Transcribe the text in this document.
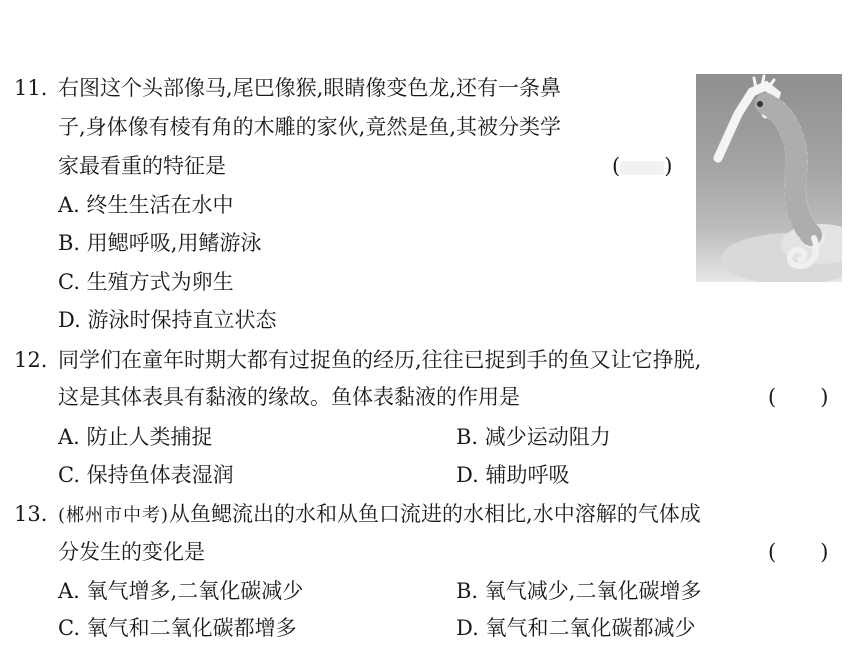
11. 右图这个头部像马,尾巴像猴,眼睛像变色龙,还有一条鼻
子,身体像有棱有角的木雕的家伙,竟然是鱼,其被分类学
家最看重的特征是	( )
A. 终生生活在水中
B. 用鳃呼吸,用鳍游泳
C. 生殖方式为卵生
D. 游泳时保持直立状态
12. 同学们在童年时期大都有过捉鱼的经历,往往已捉到手的鱼又让它挣脱,
这是其体表具有黏液的缘故。鱼体表黏液的作用是	( )
A. 防止人类捕捉	B. 减少运动阻力
C. 保持鱼体表湿润	D. 辅助呼吸
13. (郴州市中考)从鱼鳃流出的水和从鱼口流进的水相比,水中溶解的气体成
分发生的变化是	( )
A. 氧气增多,二氧化碳减少	B. 氧气减少,二氧化碳增多
C. 氧气和二氧化碳都增多	D. 氧气和二氧化碳都减少
